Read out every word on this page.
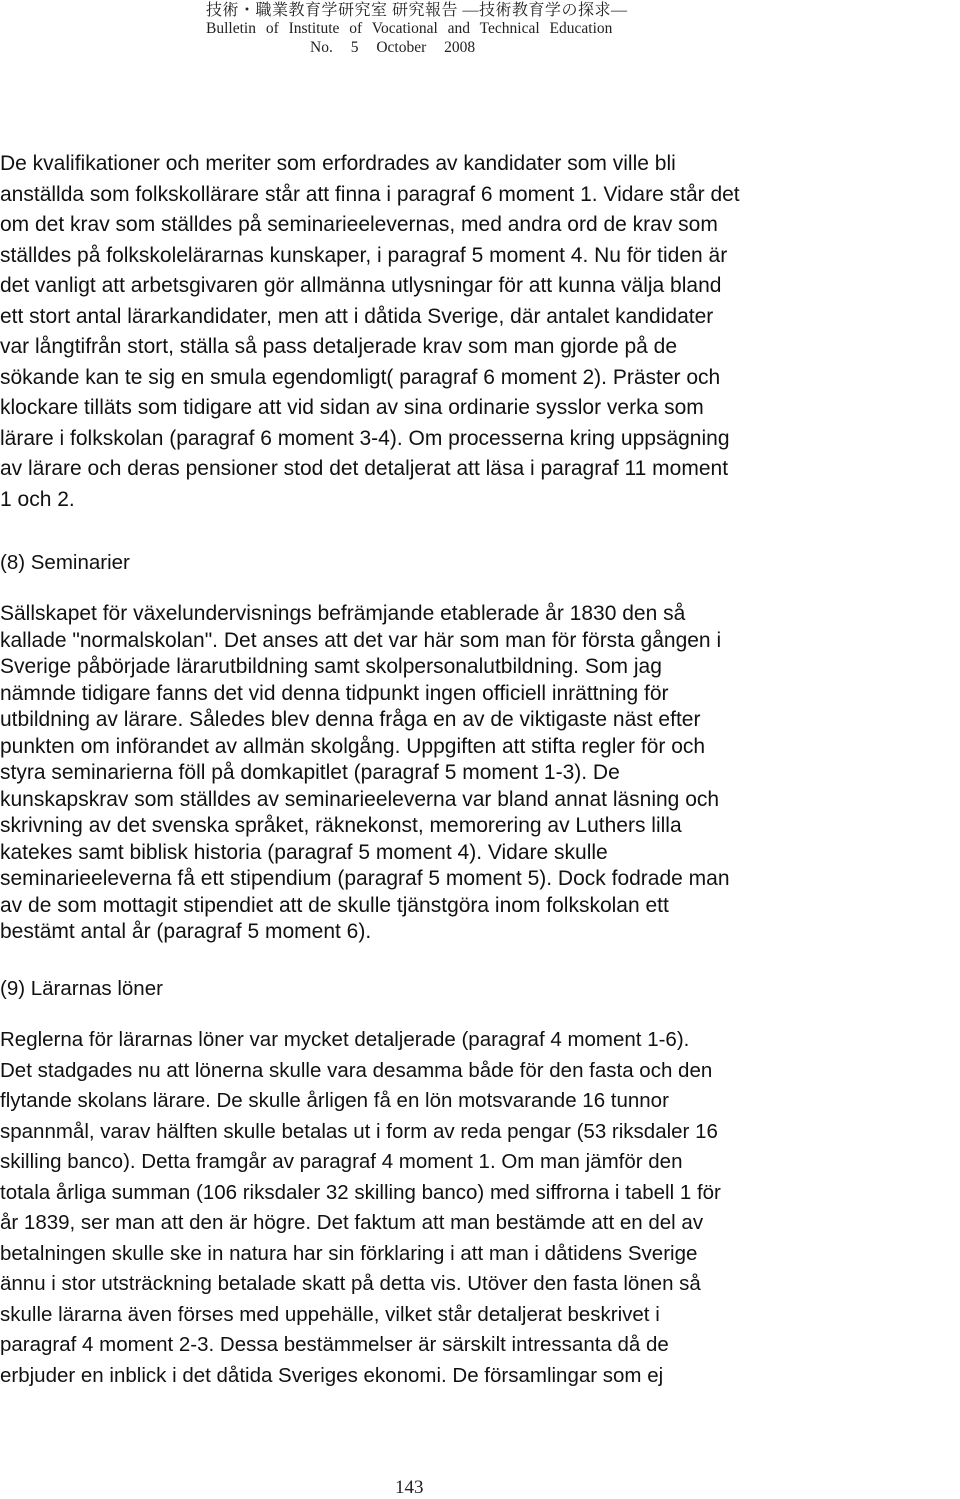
技術・職業教育学研究室 研究報告 ―技術教育学の探求―
Bulletin of Institute of Vocational and Technical Education
No. 5 October 2008
De kvalifikationer och meriter som erfordrades av kandidater som ville bli
anställda som folkskollärare står att finna i paragraf 6 moment 1. Vidare står det
om det krav som ställdes på seminarieelevernas, med andra ord de krav som
ställdes på folkskolelärarnas kunskaper, i paragraf 5 moment 4. Nu för tiden är
det vanligt att arbetsgivaren gör allmänna utlysningar för att kunna välja bland
ett stort antal lärarkandidater, men att i dåtida Sverige, där antalet kandidater
var långtifrån stort, ställa så pass detaljerade krav som man gjorde på de
sökande kan te sig en smula egendomligt( paragraf 6 moment 2). Präster och
klockare tilläts som tidigare att vid sidan av sina ordinarie sysslor verka som
lärare i folkskolan (paragraf 6 moment 3-4). Om processerna kring uppsägning
av lärare och deras pensioner stod det detaljerat att läsa i paragraf 11 moment
1 och 2.
(8) Seminarier
Sällskapet för växelundervisnings befrämjande etablerade år 1830 den så
kallade "normalskolan". Det anses att det var här som man för första gången i
Sverige påbörjade lärarutbildning samt skolpersonalutbildning. Som jag
nämnde tidigare fanns det vid denna tidpunkt ingen officiell inrättning för
utbildning av lärare. Således blev denna fråga en av de viktigaste näst efter
punkten om införandet av allmän skolgång. Uppgiften att stifta regler för och
styra seminarierna föll på domkapitlet (paragraf 5 moment 1-3). De
kunskapskrav som ställdes av seminarieeleverna var bland annat läsning och
skrivning av det svenska språket, räknekonst, memorering av Luthers lilla
katekes samt biblisk historia (paragraf 5 moment 4). Vidare skulle
seminarieeleverna få ett stipendium (paragraf 5 moment 5). Dock fodrade man
av de som mottagit stipendiet att de skulle tjänstgöra inom folkskolan ett
bestämt antal år (paragraf 5 moment 6).
(9) Lärarnas löner
Reglerna för lärarnas löner var mycket detaljerade (paragraf 4 moment 1-6).
Det stadgades nu att lönerna skulle vara desamma både för den fasta och den
flytande skolans lärare. De skulle årligen få en lön motsvarande 16 tunnor
spannmål, varav hälften skulle betalas ut i form av reda pengar (53 riksdaler 16
skilling banco). Detta framgår av paragraf 4 moment 1. Om man jämför den
totala årliga summan (106 riksdaler 32 skilling banco) med siffrorna i tabell 1 för
år 1839, ser man att den är högre. Det faktum att man bestämde att en del av
betalningen skulle ske in natura har sin förklaring i att man i dåtidens Sverige
ännu i stor utsträckning betalade skatt på detta vis. Utöver den fasta lönen så
skulle lärarna även förses med uppehälle, vilket står detaljerat beskrivet i
paragraf 4 moment 2-3. Dessa bestämmelser är särskilt intressanta då de
erbjuder en inblick i det dåtida Sveriges ekonomi. De församlingar som ej
143
